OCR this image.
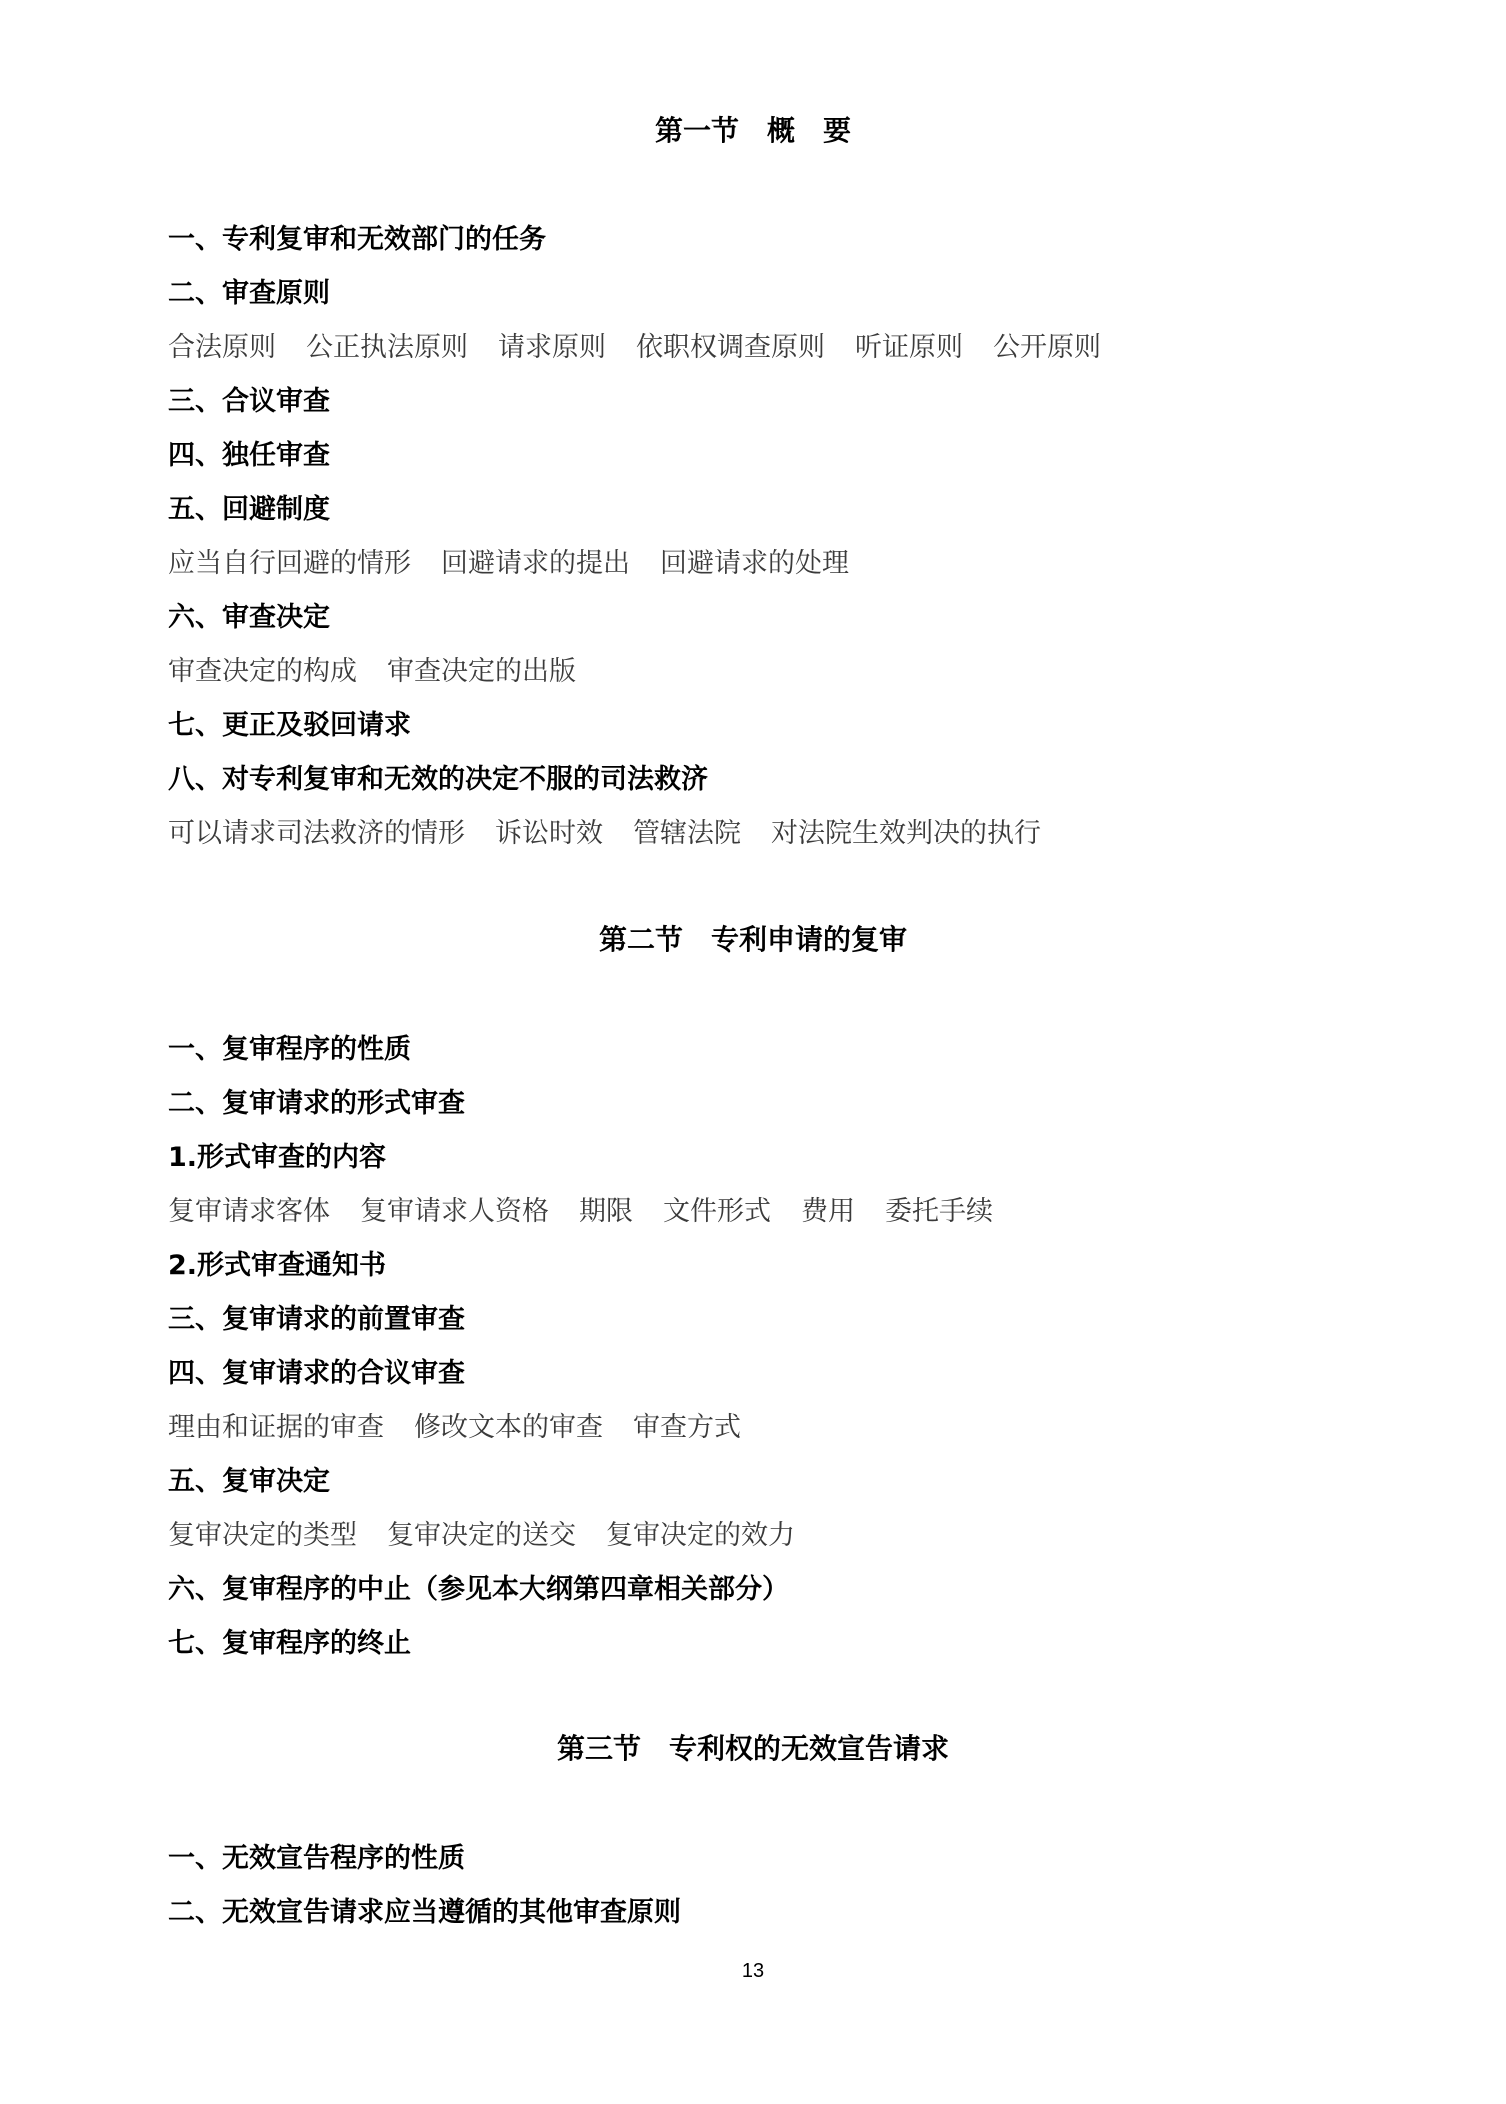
第一节　概　要
一、专利复审和无效部门的任务
二、审查原则
合法原则 公正执法原则 请求原则 依职权调查原则 听证原则 公开原则
三、合议审查
四、独任审查
五、回避制度
应当自行回避的情形 回避请求的提出 回避请求的处理
六、审查决定
审查决定的构成 审查决定的出版
七、更正及驳回请求
八、对专利复审和无效的决定不服的司法救济
可以请求司法救济的情形 诉讼时效 管辖法院 对法院生效判决的执行
第二节　专利申请的复审
一、复审程序的性质
二、复审请求的形式审查
1.形式审查的内容
复审请求客体 复审请求人资格 期限 文件形式 费用 委托手续
2.形式审查通知书
三、复审请求的前置审查
四、复审请求的合议审查
理由和证据的审查 修改文本的审查 审查方式
五、复审决定
复审决定的类型 复审决定的送交 复审决定的效力
六、复审程序的中止（参见本大纲第四章相关部分）
七、复审程序的终止
第三节　专利权的无效宣告请求
一、无效宣告程序的性质
二、无效宣告请求应当遵循的其他审查原则
13
